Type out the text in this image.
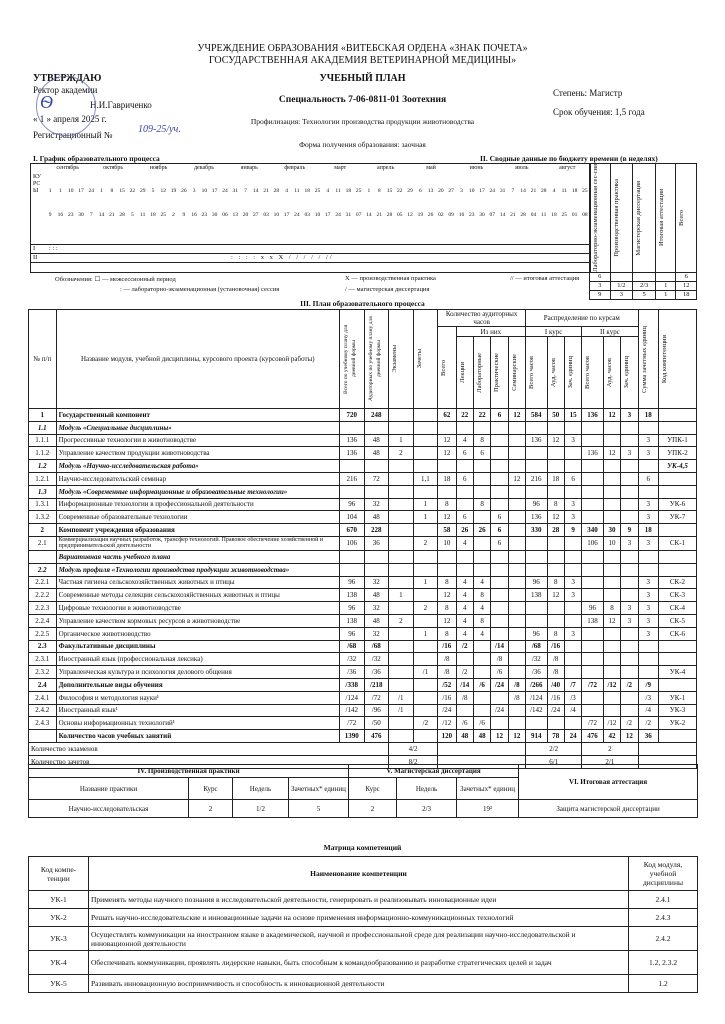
УЧРЕЖДЕНИЕ ОБРАЗОВАНИЯ «ВИТЕБСКАЯ ОРДЕНА «ЗНАК ПОЧЕТА»
ГОСУДАРСТВЕННАЯ АКАДЕМИЯ ВЕТЕРИНАРНОЙ МЕДИЦИНЫ»
УТВЕРЖДАЮ
Ректор академии
Н.И.Гавриченко
Ѳ
« 1 » апреля 2025 г.
Регистрационный №	109-25/уч.
УЧЕБНЫЙ ПЛАН
Специальность 7-06-0811-01 Зоотехния
Степень: Магистр
Срок обучения: 1,5 года
Профилизация: Технологии производства продукции животноводства
Форма получения образования: заочная
I. График образовательного процесса	II. Сводные данные по бюджету времени (в неделях)
КУРСЫ
сентябрь	октябрь	ноябрь	декабрь	январь	февраль	март	апрель	май	июнь	июль	август
1	1	10 17 24	1	8	15 22 29	5	12 19 26	3	10 17 24 31	7	14 21 28	4	11 18 25	4	11 18 25	1	8	15 22 29	6	13 20 27	3	10 17 24 31	7	14 21 28	4	11 18 25
9	16 23 30	7	14 21 28	5	11 18 25	2	9	16 23 30 06 13 20 27 03 10 17 24 03 10 17 24 31 07 14 21 28 05 12 19 26 02 09 16 23 30 07 14 21 28 04 11 18 25 01 08
I
II
: : :
: : : : x x X / / / / / //	Лабораторно-экзаменационная сес-сия	Производственная практика	Магистерская диссертация	Итоговая аттестация	Всего

6				6
3	1/2	2/3	1	12
9	3	5	1	18
Обозначения: ☐ — межсессионный период	X — производственная практика	// — итоговая аттестация
: — лабораторно-экзаменационная (установочная) сессия	/ — магистерская диссертация
III. План образовательного процесса
№ п/п	Название модуля, учебной дисциплины, курсового проекта (курсовой работы)	Всего по учебному плану для дневной формы	Аудиторных по учебному плану для дневной формы	Экзамены	Зачеты	Количество аудиторных часов					Распределение по курсам						Сумма зачетных единиц	Код компетенции

						Всего	Из них				I курс			II курс				

							Лекции	Лабораторные	Практические	Семинарские	Всего часов	Ауд. часов	Зач. единиц	Всего часов	Ауд. часов	Зач. единиц		

1	Государственный компонент	720	248			62	22	22	6	12	584	50	15	136	12	3	18	
1.1	Модуль «Специальные дисциплины»																	
1.1.1	Прогрессивные технологии в животноводстве	136	48	1		12	4	8			136	12	3				3	УПК-1
1.1.2	Управление качеством продукции животноводства	136	48	2		12	6	6						136	12	3	3	УПК-2
1.2	Модуль «Научно-исследовательская работа»																	УК-4,5
1.2.1	Научно-исследовательский семинар	216	72		1,1	18	6			12	216	18	6				6	
1.3	Модуль «Современные информационные и образовательные технологии»																	
1.3.1	Информационные технологии в профессиональной деятельности	96	32		1	8		8			96	8	3				3	УК-6
1.3.2	Современные образовательные технологии	104	48		1	12	6		6		136	12	3				3	УК-7
2	Компонент учреждения образования	670	228			58	26	26	6		330	28	9	340	30	9	18	
2.1	Коммерциализация научных разработок, трансфер технологий. Правовое обеспечение хозяйственной и предпринимательской деятельности	106	36		2	10	4		6					106	10	3	3	СК-1
	Вариативная часть учебного плана																	
2.2	Модуль профиля «Технологии производства продукции животноводства»																	
2.2.1	Частная гигиена сельскохозяйственных животных и птицы	96	32		1	8	4	4			96	8	3				3	СК-2
2.2.2	Современные методы селекции сельскохозяйственных животных и птицы	138	48	1		12	4	8			138	12	3				3	СК-3
2.2.3	Цифровые технологии в животноводстве	96	32		2	8	4	4						96	8	3	3	СК-4
2.2.4	Управление качеством кормовых ресурсов в животноводстве	138	48	2		12	4	8						138	12	3	3	СК-5
2.2.5	Органическое животноводство	96	32		1	8	4	4			96	8	3				3	СК-6
2.3	Факультативные дисциплины	/68	/68			/16	/2		/14		/68	/16						
2.3.1	Иностранный язык (профессиональная лексика)	/32	/32			/8			/8		/32	/8						
2.3.2	Управленческая культура и психология делового общения	/36	/36		/1	/8	/2		/6		/36	/8						УК-4
2.4	Дополнительные виды обучения	/338	/218			/52	/14	/6	/24	/8	/266	/40	/7	/72	/12	/2	/9	
2.4.1	Философия и методология науки¹	/124	/72	/1		/16	/8			/8	/124	/16	/3				/3	УК-1
2.4.2	Иностранный язык¹	/142	/96	/1		/24			/24		/142	/24	/4				/4	УК-3
2.4.3	Основы информационных технологий¹	/72	/50		/2	/12	/6	/6						/72	/12	/2	/2	УК-2
	Количество часов учебных занятий	1390	476			120	48	48	12	12	914	78	24	476	42	12	36	
Количество экзаменов				4/2							2/2			2				
Количество зачетов				8/2							6/1			2/1				
IV. Производственная практики				V. Магистерская диссертация			VI. Итоговая аттестация
Название практики	Курс	Недель	Зачетных* единиц	Курс	Недель	Зачетных* единиц	
Научно-исследовательская	2	1/2	5	2	2/3	19²	Защита магистерской диссертации
Матрица компетенций
Код компе-тенции	Наименование компетенции	Код модуля, учебной дисциплины
УК-1	Применять методы научного познания в исследовательской деятельности, генерировать и реализовывать инновационные идеи	2.4.1
УК-2	Решать научно-исследовательские и инновационные задачи на основе применения информационно-коммуникационных технологий	2.4.3
УК-3	Осуществлять коммуникации на иностранном языке в академической, научной и профессиональной среде для реализации научно-исследовательской и инновационной деятельности	2.4.2
УК-4	Обеспечивать коммуникации, проявлять лидерские навыки, быть способным к командообразованию и разработке стратегических целей и задач	1.2, 2.3.2
УК-5	Развивать инновационную восприимчивость и способность к инновационной деятельности	1.2
